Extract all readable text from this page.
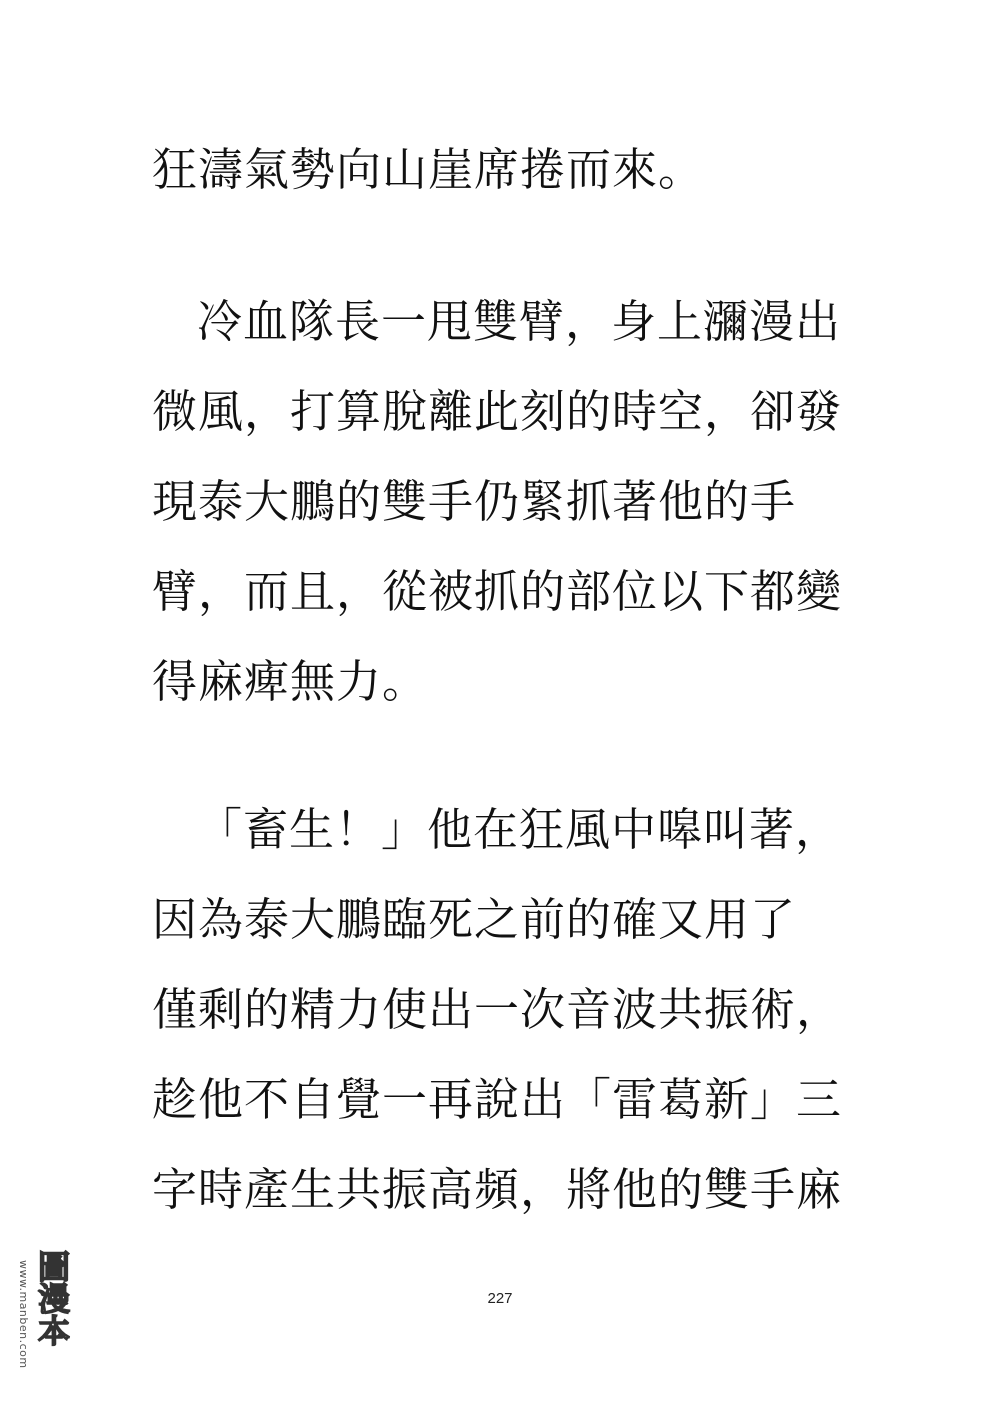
狂濤氣勢向山崖席捲而來。
冷血隊長一甩雙臂，身上瀰漫出
微風，打算脫離此刻的時空，卻發
現泰大鵬的雙手仍緊抓著他的手
臂，而且，從被抓的部位以下都變
得麻痺無力。
「畜生！」他在狂風中嗥叫著，
因為泰大鵬臨死之前的確又用了
僅剩的精力使出一次音波共振術，
趁他不自覺一再說出「雷葛新」三
字時產生共振高頻，將他的雙手麻
227
www.manben.com 圖漫本
